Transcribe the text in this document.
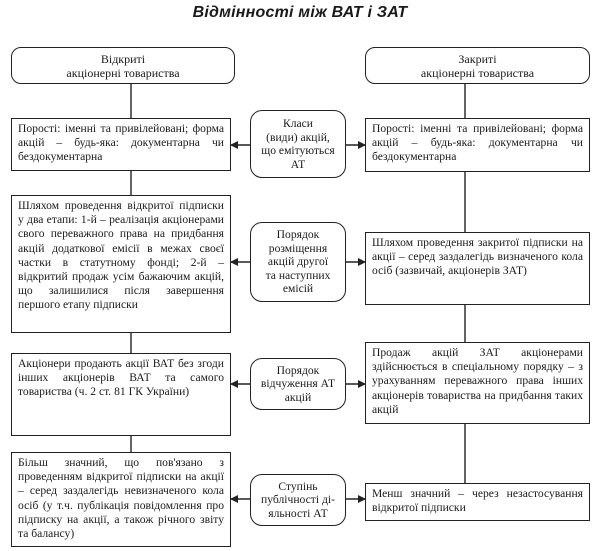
Відмінності між ВАТ і ЗАТ
Відкриті
акціонерні товариства
Закриті
акціонерні товариства
Пороcті: іменні та привілейовані; форма акцій – будь-яка: документарна чи бездокументарна
Класи
(види) акцій,
що емітуються
АТ
Пороcті: іменні та привілейовані; форма акцій – будь-яка: документарна чи бездокументарна
Шляхом проведення відкритої підписки у два етапи: 1-й – реалізація акціонерами свого переважного права на придбання акцій додаткової емісії в межах своєї частки в статутному фонді; 2-й – відкритий продаж усім бажаючим акцій, що залишилися після завершення першого етапу підписки
Порядок
розміщення
акцій другої
та наступних
емісій
Шляхом проведення закритої підписки на акції – серед заздалегідь визначеного кола осіб (зазвичай, акціонерів ЗАТ)
Акціонери продають акції ВАТ без згоди інших акціонерів ВАТ та самого товариства (ч. 2 ст. 81 ГК України)
Порядок
відчуження АТ
акцій
Продаж акцій ЗАТ акціонерами здійснюється в спеціальному порядку – з урахуванням переважного права інших акціонерів товариства на придбання таких акцій
Більш значний, що пов'язано з проведенням відкритої підписки на акції – серед заздалегідь невизначеного кола осіб (у т.ч. публікація повідомлення про підписку на акції, а також річного звіту та балансу)
Ступінь
публічності ді-
яльності АТ
Менш значний – через незастосування відкритої підписки
